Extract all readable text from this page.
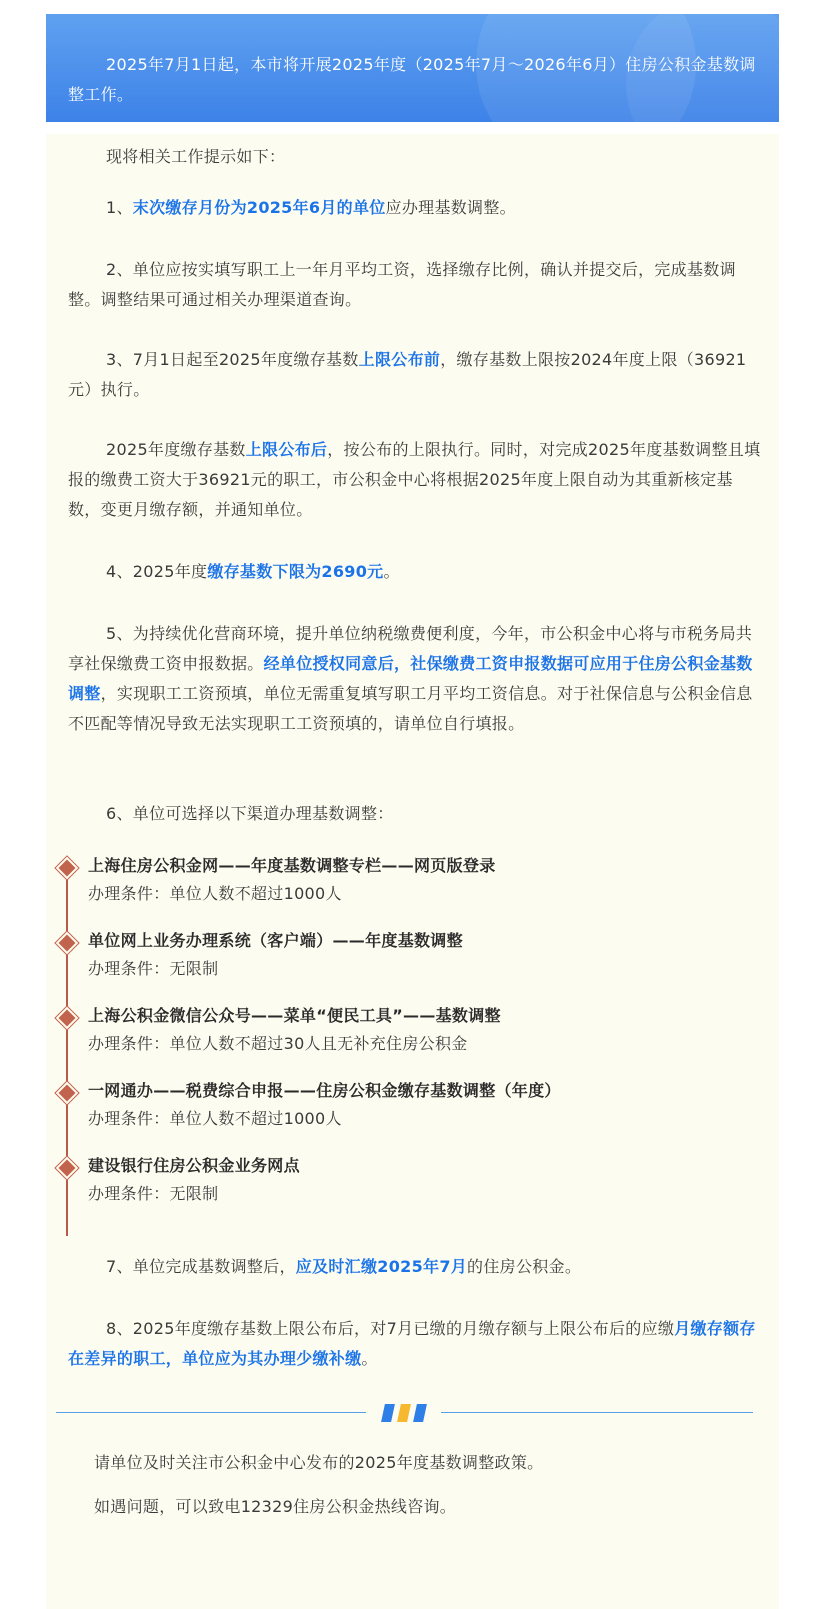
2025年7月1日起，本市将开展2025年度（2025年7月～2026年6月）住房公积金基数调整工作。

现将相关工作提示如下：

1、末次缴存月份为2025年6月的单位应办理基数调整。

2、单位应按实填写职工上一年月平均工资，选择缴存比例，确认并提交后，完成基数调整。调整结果可通过相关办理渠道查询。

3、7月1日起至2025年度缴存基数上限公布前，缴存基数上限按2024年度上限（36921元）执行。

2025年度缴存基数上限公布后，按公布的上限执行。同时，对完成2025年度基数调整且填报的缴费工资大于36921元的职工，市公积金中心将根据2025年度上限自动为其重新核定基数，变更月缴存额，并通知单位。

4、2025年度缴存基数下限为2690元。

5、为持续优化营商环境，提升单位纳税缴费便利度，今年，市公积金中心将与市税务局共享社保缴费工资申报数据。经单位授权同意后，社保缴费工资申报数据可应用于住房公积金基数调整，实现职工工资预填，单位无需重复填写职工月平均工资信息。对于社保信息与公积金信息不匹配等情况导致无法实现职工工资预填的，请单位自行填报。

6、单位可选择以下渠道办理基数调整：

上海住房公积金网——年度基数调整专栏——网页版登录

办理条件：单位人数不超过1000人

单位网上业务办理系统（客户端）——年度基数调整

办理条件：无限制

上海公积金微信公众号——菜单“便民工具”——基数调整

办理条件：单位人数不超过30人且无补充住房公积金

一网通办——税费综合申报——住房公积金缴存基数调整（年度）

办理条件：单位人数不超过1000人

建设银行住房公积金业务网点

办理条件：无限制

7、单位完成基数调整后，应及时汇缴2025年7月的住房公积金。

8、2025年度缴存基数上限公布后，对7月已缴的月缴存额与上限公布后的应缴月缴存额存在差异的职工，单位应为其办理少缴补缴。

请单位及时关注市公积金中心发布的2025年度基数调整政策。

如遇问题，可以致电12329住房公积金热线咨询。
